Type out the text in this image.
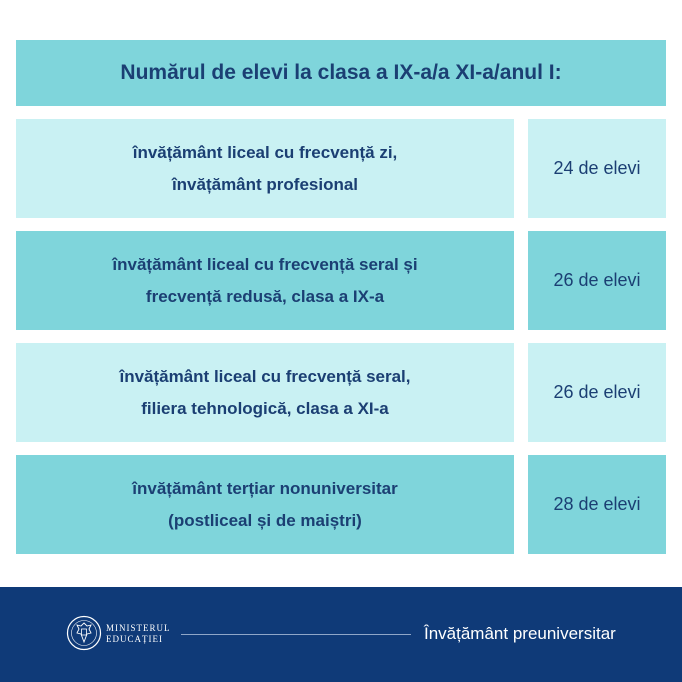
Numărul de elevi la clasa a IX-a/a XI-a/anul I:
învățământ liceal cu frecvență zi,
învățământ profesional
24 de elevi
învățământ liceal cu frecvență seral și
frecvență redusă, clasa a IX-a
26 de elevi
învățământ liceal cu frecvență seral,
filiera tehnologică, clasa a XI-a
26 de elevi
învățământ terțiar nonuniversitar
(postliceal și de maiștri)
28 de elevi
MINISTERUL
EDUCAȚIEI	Învățământ preuniversitar
